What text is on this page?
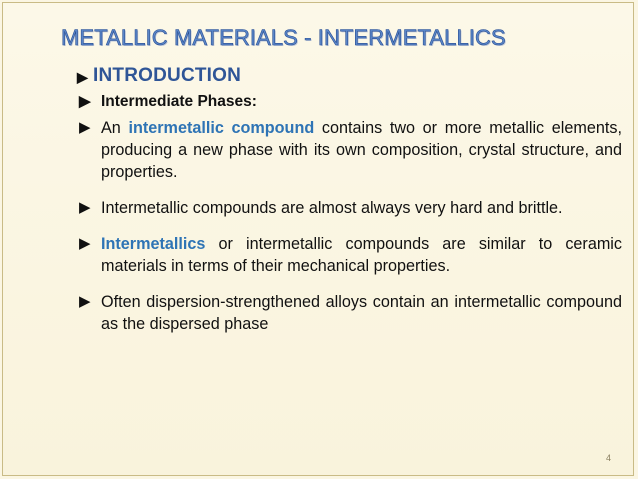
METALLIC MATERIALS - INTERMETALLICS
▶ INTRODUCTION
▶ Intermediate Phases:
▶ An intermetallic compound contains two or more metallic elements, producing a new phase with its own composition, crystal structure, and properties.
▶ Intermetallic compounds are almost always very hard and brittle.
▶ Intermetallics or intermetallic compounds are similar to ceramic materials in terms of their mechanical properties.
▶ Often dispersion-strengthened alloys contain an intermetallic compound as the dispersed phase
4
